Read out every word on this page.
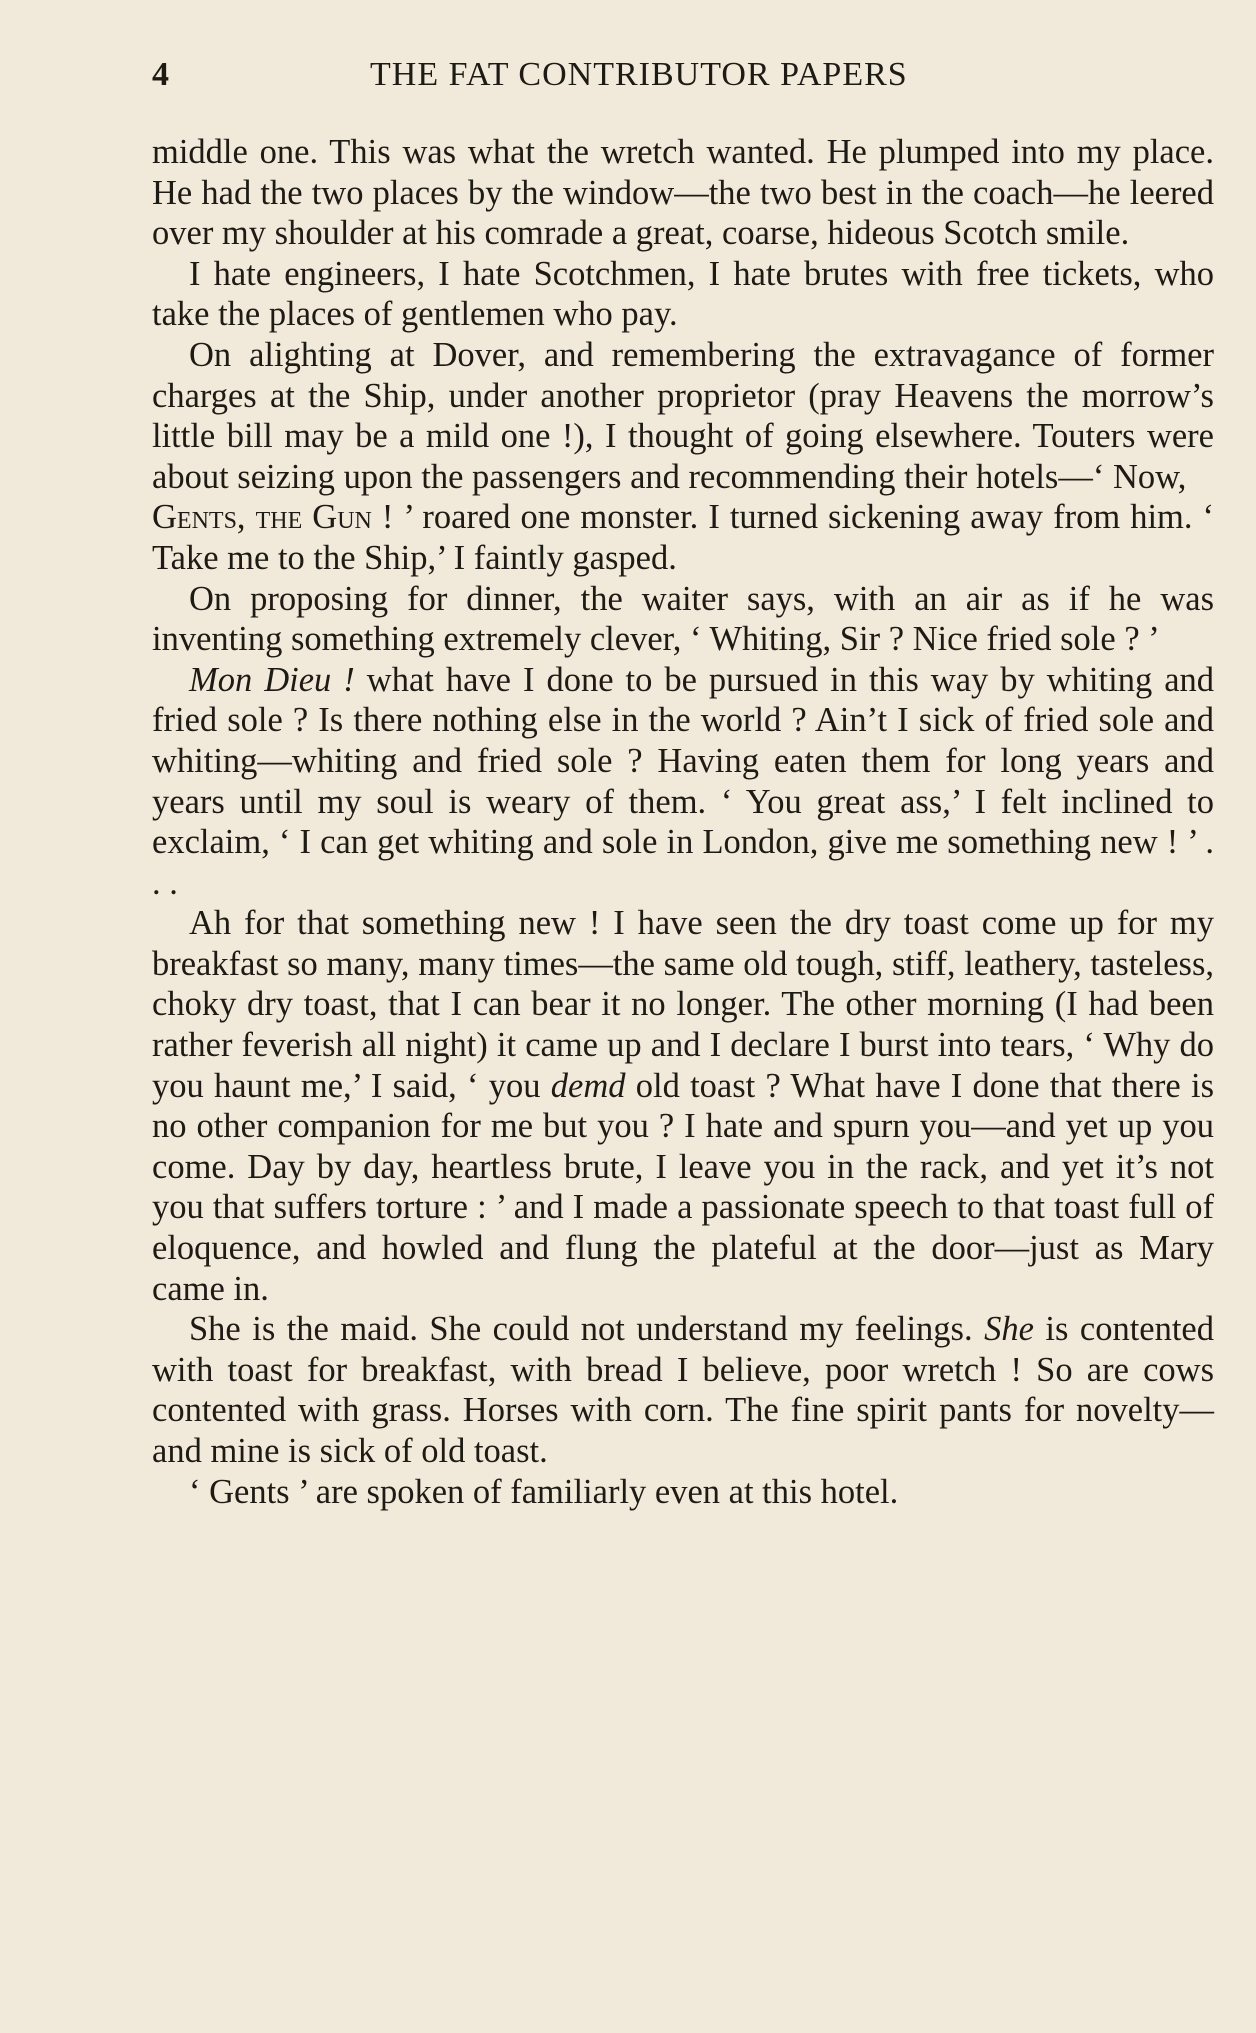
4	THE FAT CONTRIBUTOR PAPERS

middle one. This was what the wretch wanted. He plumped into my place. He had the two places by the window—the two best in the coach—he leered over my shoulder at his comrade a great, coarse, hideous Scotch smile.

I hate engineers, I hate Scotchmen, I hate brutes with free tickets, who take the places of gentlemen who pay.

On alighting at Dover, and remembering the extravagance of former charges at the Ship, under another proprietor (pray Heavens the morrow’s little bill may be a mild one !), I thought of going elsewhere. Touters were about seizing upon the passengers and recommending their hotels—‘ Now,

Gents, the Gun ! ’ roared one monster. I turned sickening away from him. ‘ Take me to the Ship,’ I faintly gasped.

On proposing for dinner, the waiter says, with an air as if he was inventing something extremely clever, ‘ Whiting, Sir ? Nice fried sole ? ’

Mon Dieu ! what have I done to be pursued in this way by whiting and fried sole ? Is there nothing else in the world ? Ain’t I sick of fried sole and whiting—whiting and fried sole ? Having eaten them for long years and years until my soul is weary of them. ‘ You great ass,’ I felt inclined to exclaim, ‘ I can get whiting and sole in London, give me something new ! ’ . . .

Ah for that something new ! I have seen the dry toast come up for my breakfast so many, many times—the same old tough, stiff, leathery, tasteless, choky dry toast, that I can bear it no longer. The other morning (I had been rather feverish all night) it came up and I declare I burst into tears, ‘ Why do you haunt me,’ I said, ‘ you demd old toast ? What have I done that there is no other companion for me but you ? I hate and spurn you—and yet up you come. Day by day, heartless brute, I leave you in the rack, and yet it’s not you that suffers torture : ’ and I made a passionate speech to that toast full of eloquence, and howled and flung the plateful at the door—just as Mary came in.

She is the maid. She could not understand my feelings. She is contented with toast for breakfast, with bread I believe, poor wretch ! So are cows contented with grass. Horses with corn. The fine spirit pants for novelty—and mine is sick of old toast.

‘ Gents ’ are spoken of familiarly even at this hotel.
